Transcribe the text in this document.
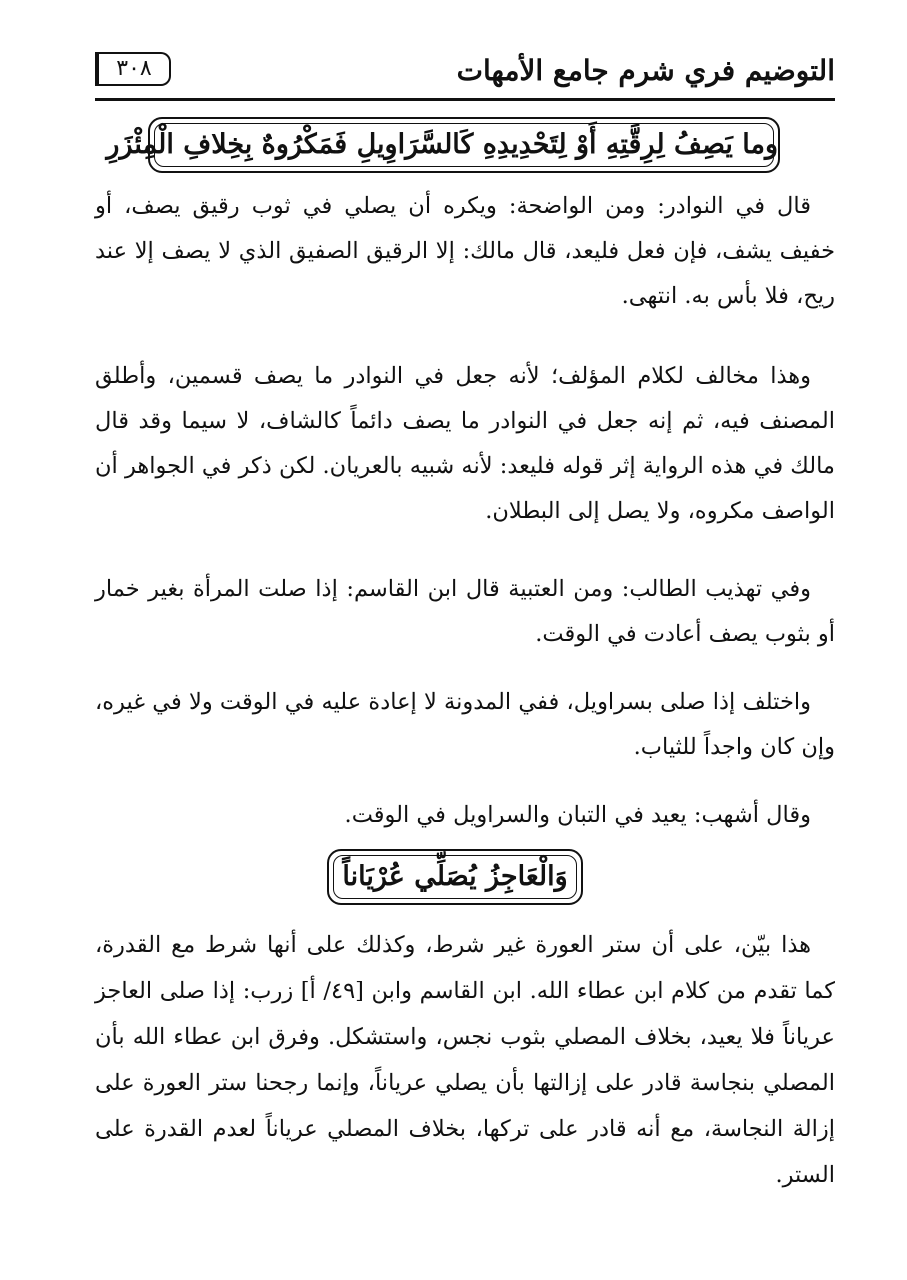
التوضيم فري شرم جامع الأمهات
٣٠٨
وما يَصِفُ لِرِقَّتِهِ أَوْ لِتَحْدِيدِهِ كَالسَّرَاوِيلِ فَمَكْرُوهٌ بِخِلافِ الْمِئْزَرِ
قال في النوادر: ومن الواضحة: ويكره أن يصلي في ثوب رقيق يصف، أو خفيف يشف، فإن فعل فليعد، قال مالك: إلا الرقيق الصفيق الذي لا يصف إلا عند ريح، فلا بأس به. انتهى.
وهذا مخالف لكلام المؤلف؛ لأنه جعل في النوادر ما يصف قسمين، وأطلق المصنف فيه، ثم إنه جعل في النوادر ما يصف دائماً كالشاف، لا سيما وقد قال مالك في هذه الرواية إثر قوله فليعد: لأنه شبيه بالعريان. لكن ذكر في الجواهر أن الواصف مكروه، ولا يصل إلى البطلان.
وفي تهذيب الطالب: ومن العتبية قال ابن القاسم: إذا صلت المرأة بغير خمار أو بثوب يصف أعادت في الوقت.
واختلف إذا صلى بسراويل، ففي المدونة لا إعادة عليه في الوقت ولا في غيره، وإن كان واجداً للثياب.
وقال أشهب: يعيد في التبان والسراويل في الوقت.
وَالْعَاجِزُ يُصَلِّي عُرْيَاناً
هذا بيّن، على أن ستر العورة غير شرط، وكذلك على أنها شرط مع القدرة، كما تقدم من كلام ابن عطاء الله. ابن القاسم وابن [٤٩/ أ] زرب: إذا صلى العاجز عرياناً فلا يعيد، بخلاف المصلي بثوب نجس، واستشكل. وفرق ابن عطاء الله بأن المصلي بنجاسة قادر على إزالتها بأن يصلي عرياناً، وإنما رجحنا ستر العورة على إزالة النجاسة، مع أنه قادر على تركها، بخلاف المصلي عرياناً لعدم القدرة على الستر.
